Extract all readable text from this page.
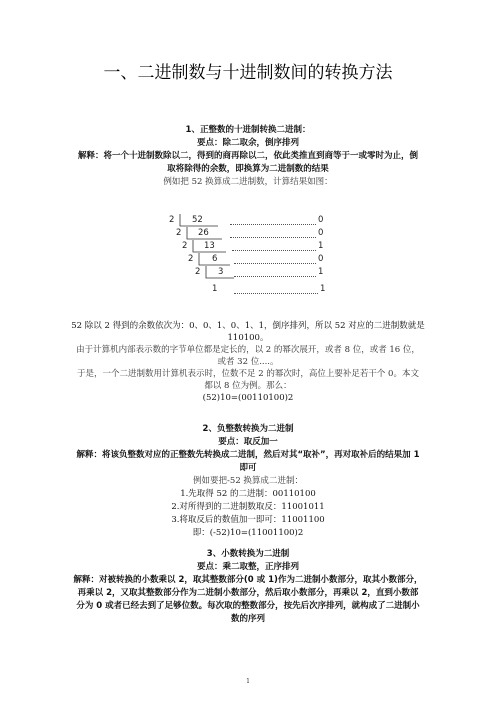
一、二进制数与十进制数间的转换方法
1、正整数的十进制转换二进制：
要点：除二取余，倒序排列
解释：将一个十进制数除以二，得到的商再除以二，依此类推直到商等于一或零时为止，倒
取将除得的余数，即换算为二进制数的结果
例如把 52 换算成二进制数，计算结果如图：
2 52	0
2 26	0
2 13	1
2 6	0
2 3	1
1	1
52 除以 2 得到的余数依次为：0、0、1、0、1、1，倒序排列，所以 52 对应的二进制数就是
110100。
由于计算机内部表示数的字节单位都是定长的，以 2 的幂次展开，或者 8 位，或者 16 位，
或者 32 位....。
于是，一个二进制数用计算机表示时，位数不足 2 的幂次时，高位上要补足若干个 0。本文
都以 8 位为例。那么：
(52)10=(00110100)2
2、负整数转换为二进制
要点：取反加一
解释：将该负整数对应的正整数先转换成二进制，然后对其“取补”，再对取补后的结果加 1
即可
例如要把-52 换算成二进制：
1.先取得 52 的二进制：00110100
2.对所得到的二进制数取反：11001011
3.将取反后的数值加一即可：11001100
即：(-52)10=(11001100)2
3、小数转换为二进制
要点：乘二取整，正序排列
解释：对被转换的小数乘以 2，取其整数部分(0 或 1)作为二进制小数部分，取其小数部分，
再乘以 2，又取其整数部分作为二进制小数部分，然后取小数部分，再乘以 2，直到小数部
分为 0 或者已经去到了足够位数。每次取的整数部分，按先后次序排列，就构成了二进制小
数的序列
1
